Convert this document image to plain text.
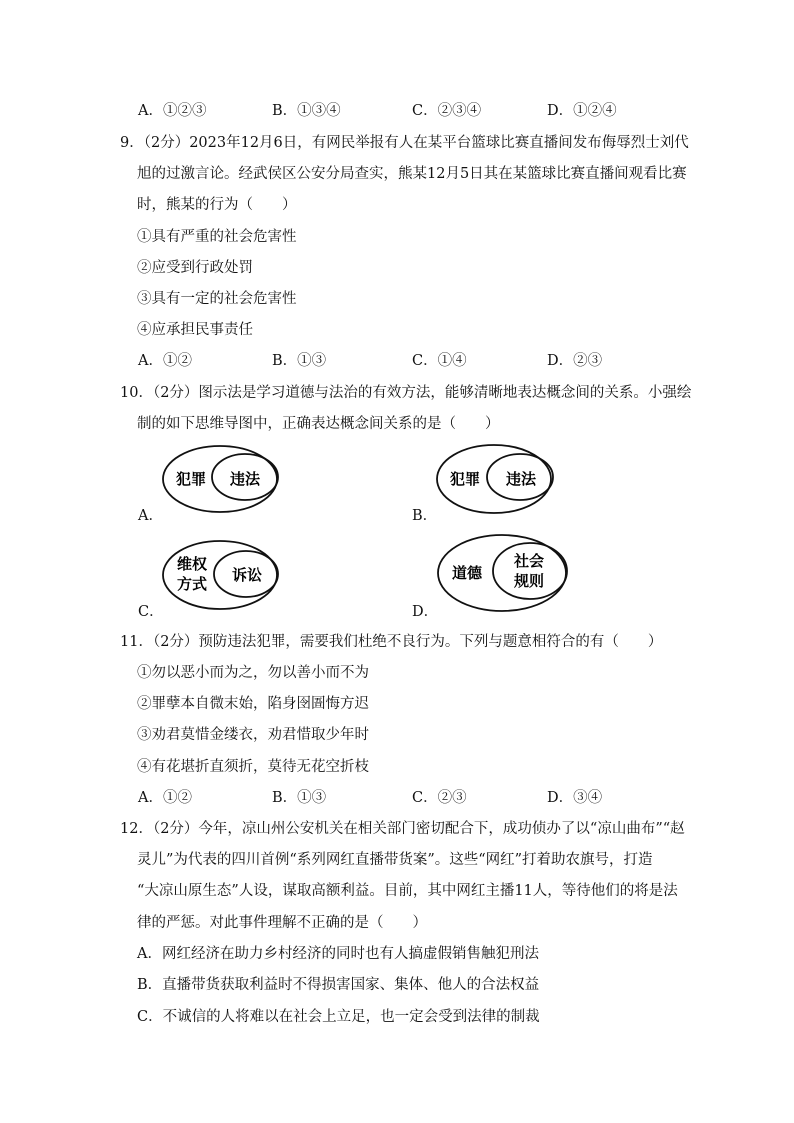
A．①②③	B．①③④	C．②③④	D．①②④
9．（2分）2023年12月6日，有网民举报有人在某平台篮球比赛直播间发布侮辱烈士刘代
旭的过激言论。经武侯区公安分局查实，熊某12月5日其在某篮球比赛直播间观看比赛
时，熊某的行为（　　）
①具有严重的社会危害性
②应受到行政处罚
③具有一定的社会危害性
④应承担民事责任
A．①②	B．①③	C．①④	D．②③
10．（2分）图示法是学习道德与法治的有效方法，能够清晰地表达概念间的关系。小强绘
制的如下思维导图中，正确表达概念间关系的是（　　）
A．
犯罪 违法
B．
犯罪 违法
C．
维权
方式 诉讼
D．
道德
社会
规则
11．（2分）预防违法犯罪，需要我们杜绝不良行为。下列与题意相符合的有（　　）
①勿以恶小而为之，勿以善小而不为
②罪孽本自微末始，陷身囹圄悔方迟
③劝君莫惜金缕衣，劝君惜取少年时
④有花堪折直须折，莫待无花空折枝
A．①②	B．①③	C．②③	D．③④
12．（2分）今年，凉山州公安机关在相关部门密切配合下，成功侦办了以“凉山曲布”“赵
灵儿”为代表的四川首例“系列网红直播带货案”。这些“网红”打着助农旗号，打造
“大凉山原生态”人设，谋取高额利益。目前，其中网红主播11人，等待他们的将是法
律的严惩。对此事件理解不正确的是（　　）
A．网红经济在助力乡村经济的同时也有人搞虚假销售触犯刑法
B．直播带货获取利益时不得损害国家、集体、他人的合法权益
C．不诚信的人将难以在社会上立足，也一定会受到法律的制裁
